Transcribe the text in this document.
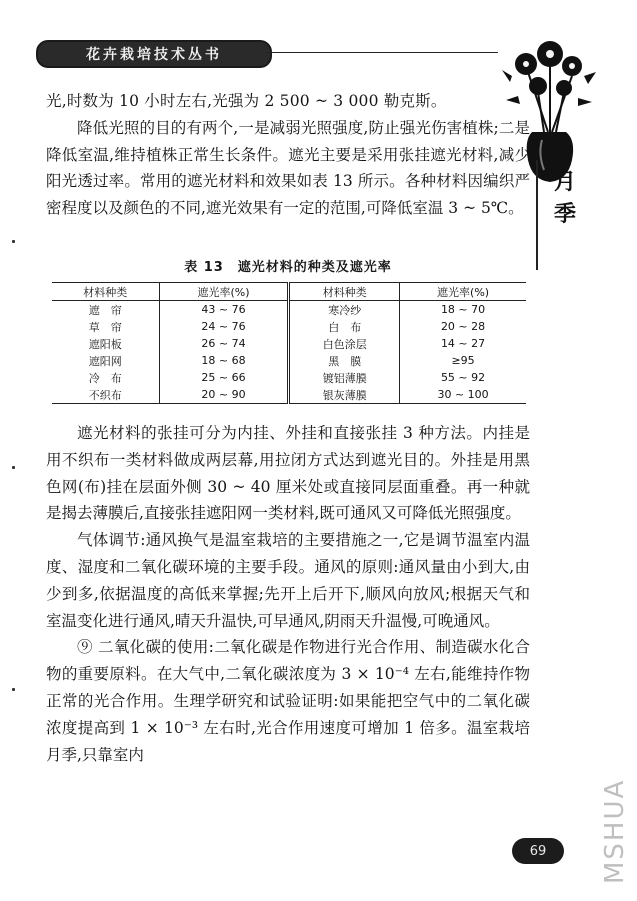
花卉栽培技术丛书
月
季

光,时数为 10 小时左右,光强为 2 500 ~ 3 000 勒克斯。

降低光照的目的有两个,一是减弱光照强度,防止强光伤害植株;二是降低室温,维持植株正常生长条件。遮光主要是采用张挂遮光材料,减少阳光透过率。常用的遮光材料和效果如表 13 所示。各种材料因编织严密程度以及颜色的不同,遮光效果有一定的范围,可降低室温 3 ~ 5℃。

表 13　遮光材料的种类及遮光率
材料种类	遮光率(%)	材料种类	遮光率(%)
遮　帘	43 ~ 76	寒冷纱	18 ~ 70
草　帘	24 ~ 76	白　布	20 ~ 28
遮阳板	26 ~ 74	白色涂层	14 ~ 27
遮阳网	18 ~ 68	黑　膜	≥95
冷　布	25 ~ 66	镀铝薄膜	55 ~ 92
不织布	20 ~ 90	银灰薄膜	30 ~ 100

遮光材料的张挂可分为内挂、外挂和直接张挂 3 种方法。内挂是用不织布一类材料做成两层幕,用拉闭方式达到遮光目的。外挂是用黑色网(布)挂在层面外侧 30 ~ 40 厘米处或直接同层面重叠。再一种就是揭去薄膜后,直接张挂遮阳网一类材料,既可通风又可降低光照强度。

气体调节:通风换气是温室栽培的主要措施之一,它是调节温室内温度、湿度和二氧化碳环境的主要手段。通风的原则:通风量由小到大,由少到多,依据温度的高低来掌握;先开上后开下,顺风向放风;根据天气和室温变化进行通风,晴天升温快,可早通风,阴雨天升温慢,可晚通风。

⑨ 二氧化碳的使用:二氧化碳是作物进行光合作用、制造碳水化合物的重要原料。在大气中,二氧化碳浓度为 3 × 10⁻⁴ 左右,能维持作物正常的光合作用。生理学研究和试验证明:如果能把空气中的二氧化碳浓度提高到 1 × 10⁻³ 左右时,光合作用速度可增加 1 倍多。温室栽培月季,只靠室内

69	MSHUA
